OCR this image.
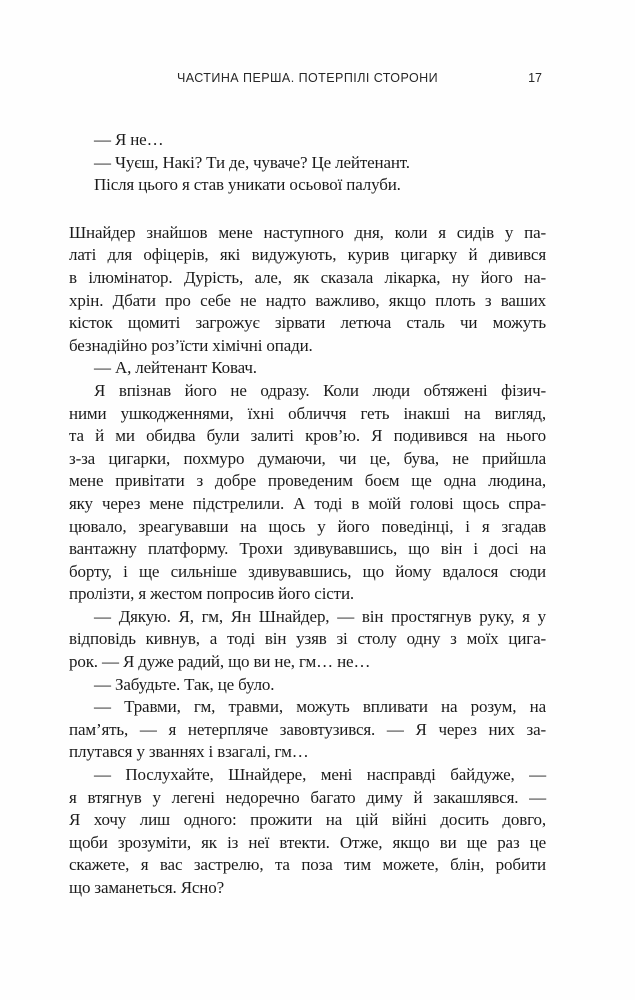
ЧАСТИНА ПЕРША. ПОТЕРПІЛІ СТОРОНИ	17
— Я не…
— Чуєш, Накі? Ти де, чуваче? Це лейтенант.
Після цього я став уникати осьової палуби.
Шнайдер знайшов мене наступного дня, коли я сидів у па-
латі для офіцерів, які видужують, курив цигарку й дивився
в ілюмінатор. Дурість, але, як сказала лікарка, ну його на-
хрін. Дбати про себе не надто важливо, якщо плоть з ваших
кісток щомиті загрожує зірвати летюча сталь чи можуть
безнадійно роз’їсти хімічні опади.
— А, лейтенант Ковач.
Я впізнав його не одразу. Коли люди обтяжені фізич-
ними ушкодженнями, їхні обличчя геть інакші на вигляд,
та й ми обидва були залиті кров’ю. Я подивився на нього
з-за цигарки, похмуро думаючи, чи це, бува, не прийшла
мене привітати з добре проведеним боєм ще одна людина,
яку через мене підстрелили. А тоді в моїй голові щось спра-
цювало, зреагувавши на щось у його поведінці, і я згадав
вантажну платформу. Трохи здивувавшись, що він і досі на
борту, і ще сильніше здивувавшись, що йому вдалося сюди
пролізти, я жестом попросив його сісти.
— Дякую. Я, гм, Ян Шнайдер, — він простягнув руку, я у
відповідь кивнув, а тоді він узяв зі столу одну з моїх цига-
рок. — Я дуже радий, що ви не, гм… не…
— Забудьте. Так, це було.
— Травми, гм, травми, можуть впливати на розум, на
пам’ять, — я нетерпляче завовтузився. — Я через них за-
плутався у званнях і взагалі, гм…
— Послухайте, Шнайдере, мені насправді байдуже, —
я втягнув у легені недоречно багато диму й закашлявся. —
Я хочу лиш одного: прожити на цій війні досить довго,
щоби зрозуміти, як із неї втекти. Отже, якщо ви ще раз це
скажете, я вас застрелю, та поза тим можете, блін, робити
що заманеться. Ясно?
